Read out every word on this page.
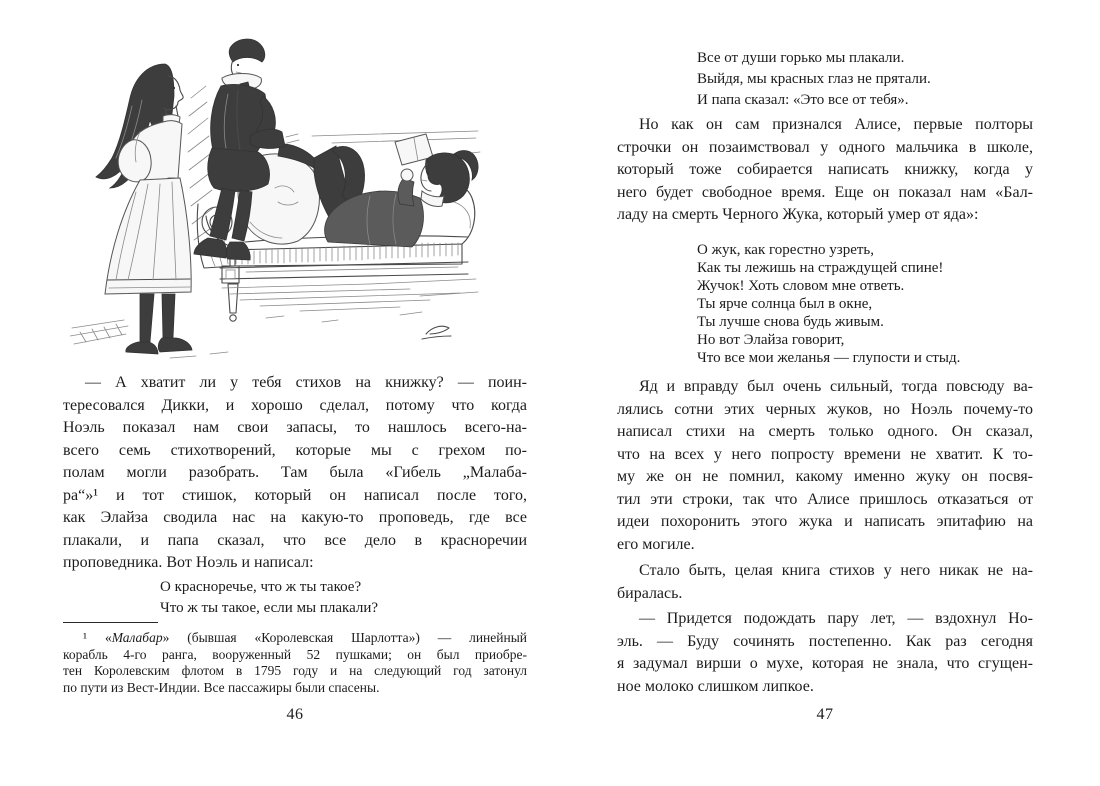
— А хватит ли у тебя стихов на книжку? — поин-
тересовался Дикки, и хорошо сделал, потому что когда
Ноэль показал нам свои запасы, то нашлось всего-на-
всего семь стихотворений, которые мы с грехом по-
полам могли разобрать. Там была «Гибель „Малаба-
ра“»¹ и тот стишок, который он написал после того,
как Элайза сводила нас на какую-то проповедь, где все
плакали, и папа сказал, что все дело в красноречии
проповедника. Вот Ноэль и написал:
О красноречье, что ж ты такое?
Что ж ты такое, если мы плакали?
¹ «Малабар» (бывшая «Королевская Шарлотта») — линейный
корабль 4-го ранга, вооруженный 52 пушками; он был приобре-
тен Королевским флотом в 1795 году и на следующий год затонул
по пути из Вест-Индии. Все пассажиры были спасены.
46
Все от души горько мы плакали.
Выйдя, мы красных глаз не прятали.
И папа сказал: «Это все от тебя».
Но как он сам признался Алисе, первые полторы
строчки он позаимствовал у одного мальчика в школе,
который тоже собирается написать книжку, когда у
него будет свободное время. Еще он показал нам «Бал-
ладу на смерть Черного Жука, который умер от яда»:
О жук, как горестно узреть,
Как ты лежишь на страждущей спине!
Жучок! Хоть словом мне ответь.
Ты ярче солнца был в окне,
Ты лучше снова будь живым.
Но вот Элайза говорит,
Что все мои желанья — глупости и стыд.
Яд и вправду был очень сильный, тогда повсюду ва-
лялись сотни этих черных жуков, но Ноэль почему-то
написал стихи на смерть только одного. Он сказал,
что на всех у него попросту времени не хватит. К то-
му же он не помнил, какому именно жуку он посвя-
тил эти строки, так что Алисе пришлось отказаться от
идеи похоронить этого жука и написать эпитафию на
его могиле.
Стало быть, целая книга стихов у него никак не на-
биралась.
— Придется подождать пару лет, — вздохнул Но-
эль. — Буду сочинять постепенно. Как раз сегодня
я задумал вирши о мухе, которая не знала, что сгущен-
ное молоко слишком липкое.
47
